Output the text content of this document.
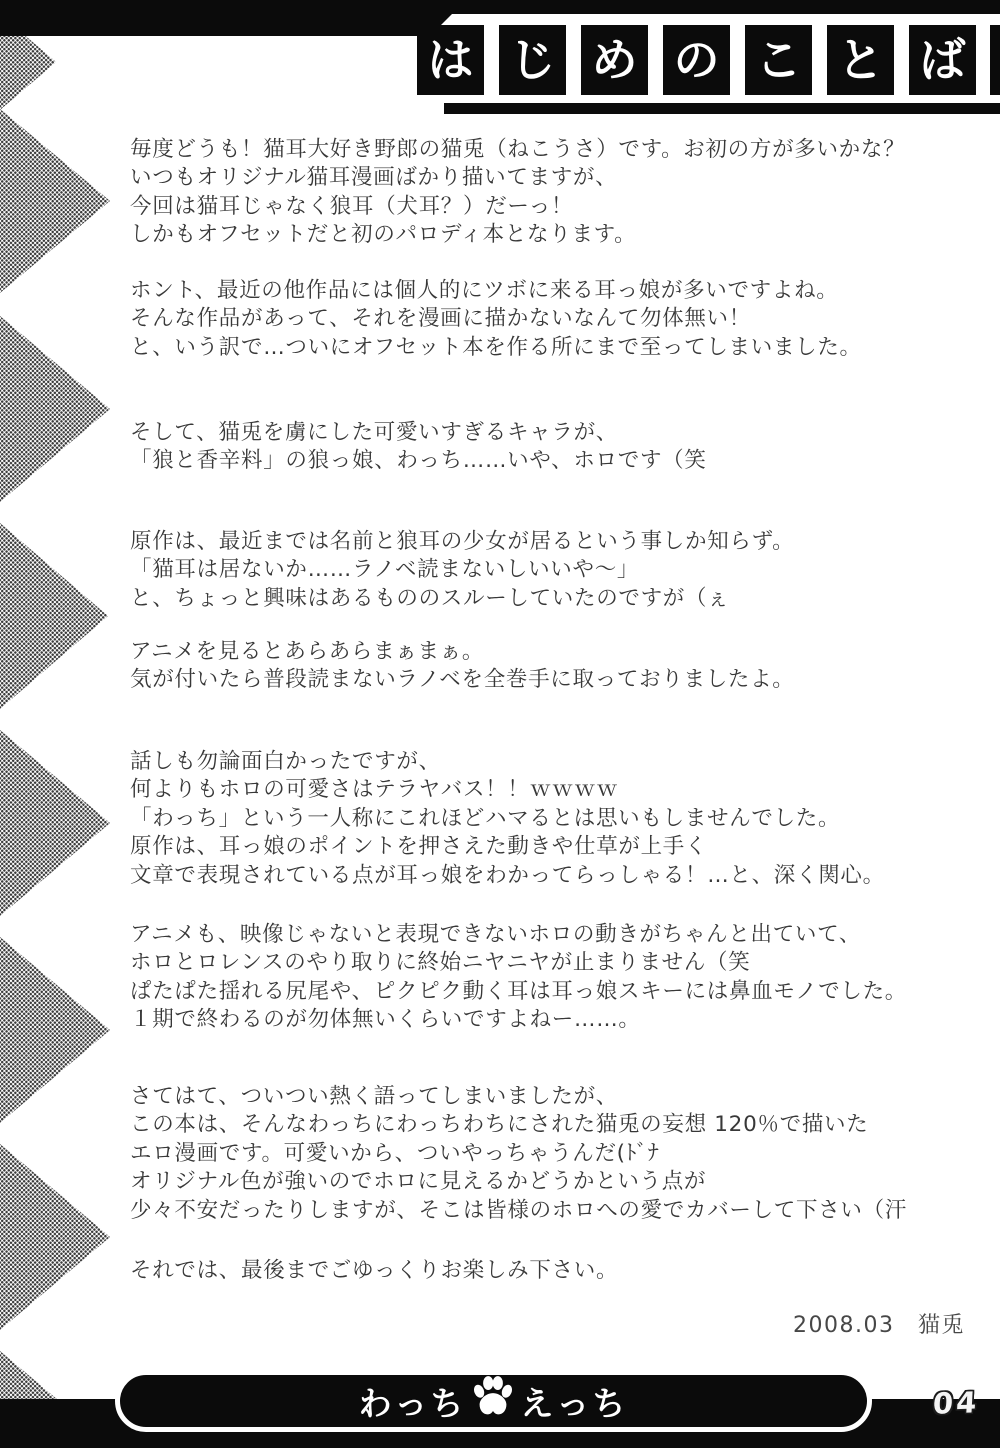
は じ め の こ と ば
毎度どうも！猫耳大好き野郎の猫兎（ねこうさ）です。お初の方が多いかな？
いつもオリジナル猫耳漫画ばかり描いてますが、
今回は猫耳じゃなく狼耳（犬耳？）だーっ！
しかもオフセットだと初のパロディ本となります。
ホント、最近の他作品には個人的にツボに来る耳っ娘が多いですよね。
そんな作品があって、それを漫画に描かないなんて勿体無い！
と、いう訳で…ついにオフセット本を作る所にまで至ってしまいました。
そして、猫兎を虜にした可愛いすぎるキャラが、
「狼と香辛料」の狼っ娘、わっち……いや、ホロです（笑
原作は、最近までは名前と狼耳の少女が居るという事しか知らず。
「猫耳は居ないか……ラノベ読まないしいいや～」
と、ちょっと興味はあるもののスルーしていたのですが（ぇ
アニメを見るとあらあらまぁまぁ。
気が付いたら普段読まないラノベを全巻手に取っておりましたよ。
話しも勿論面白かったですが、
何よりもホロの可愛さはテラヤバス！！ｗｗｗｗ
「わっち」という一人称にこれほどハマるとは思いもしませんでした。
原作は、耳っ娘のポイントを押さえた動きや仕草が上手く
文章で表現されている点が耳っ娘をわかってらっしゃる！…と、深く関心。
アニメも、映像じゃないと表現できないホロの動きがちゃんと出ていて、
ホロとロレンスのやり取りに終始ニヤニヤが止まりません（笑
ぱたぱた揺れる尻尾や、ピクピク動く耳は耳っ娘スキーには鼻血モノでした。
１期で終わるのが勿体無いくらいですよねー……。
さてはて、ついつい熱く語ってしまいましたが、
この本は、そんなわっちにわっちわちにされた猫兎の妄想 120％で描いた
エロ漫画です。可愛いから、ついやっちゃうんだ(ﾄﾞﾅ
オリジナル色が強いのでホロに見えるかどうかという点が
少々不安だったりしますが、そこは皆様のホロへの愛でカバーして下さい（汗
それでは、最後までごゆっくりお楽しみ下さい。
2008.03　猫兎
わっち えっち	04
